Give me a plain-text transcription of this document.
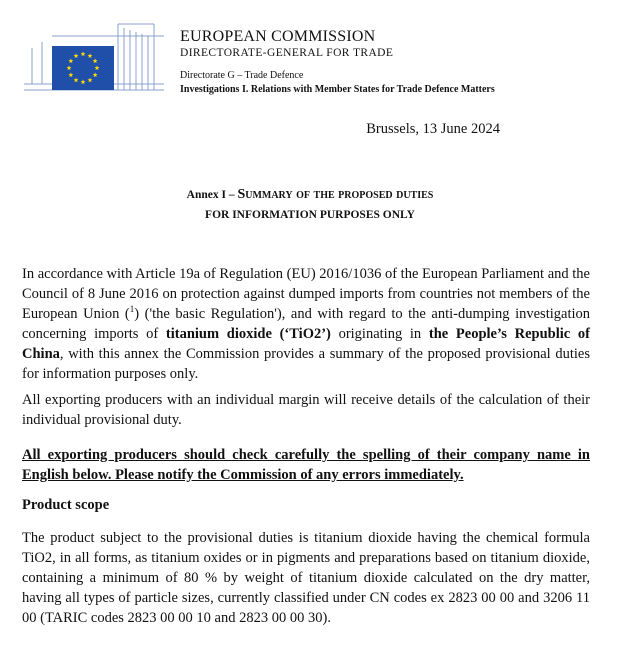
EUROPEAN COMMISSION
DIRECTORATE-GENERAL FOR TRADE
Directorate G – Trade Defence
Investigations I. Relations with Member States for Trade Defence Matters
Brussels, 13 June 2024
Annex I – Summary of the proposed duties
FOR INFORMATION PURPOSES ONLY

In accordance with Article 19a of Regulation (EU) 2016/1036 of the European Parliament and the Council of 8 June 2016 on protection against dumped imports from countries not members of the European Union ($^1$) ('the basic Regulation'), and with regard to the anti-dumping investigation concerning imports of titanium dioxide (‘TiO2’) originating in the People’s Republic of China, with this annex the Commission provides a summary of the proposed provisional duties for information purposes only.

All exporting producers with an individual margin will receive details of the calculation of their individual provisional duty.

All exporting producers should check carefully the spelling of their company name in English below. Please notify the Commission of any errors immediately.

Product scope

The product subject to the provisional duties is titanium dioxide having the chemical formula TiO2, in all forms, as titanium oxides or in pigments and preparations based on titanium dioxide, containing a minimum of 80 % by weight of titanium dioxide calculated on the dry matter, having all types of particle sizes, currently classified under CN codes ex 2823 00 00 and 3206 11 00 (TARIC codes 2823 00 00 10 and 2823 00 00 30).
